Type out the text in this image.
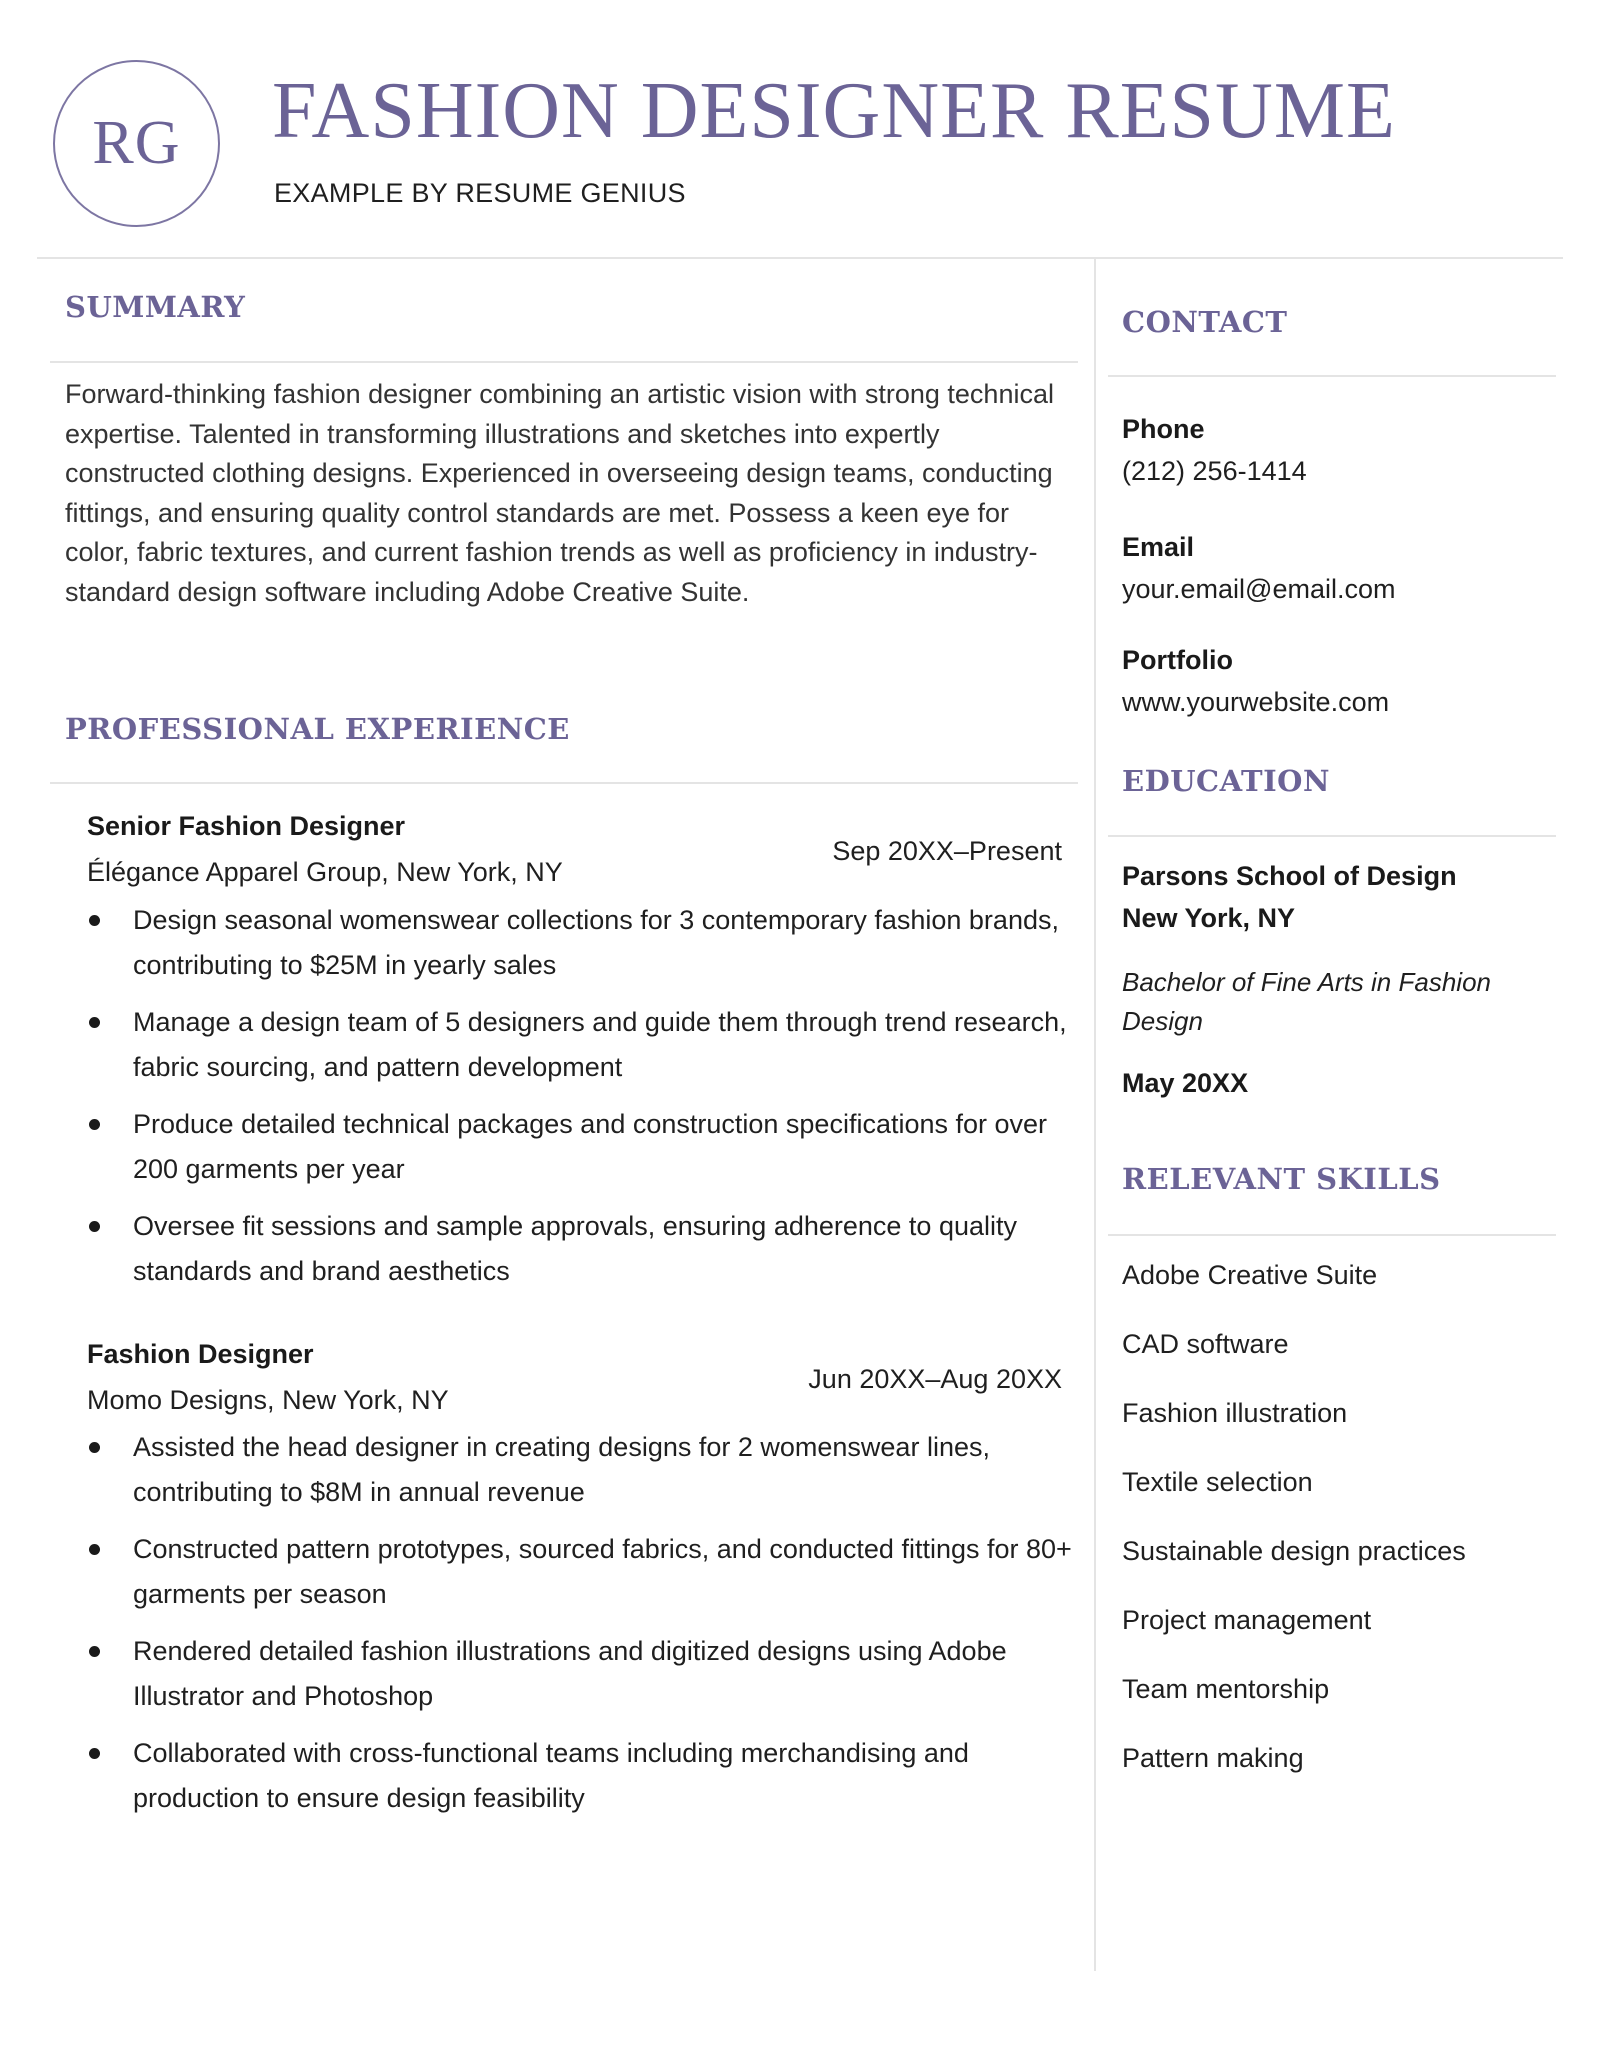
RG	FASHION DESIGNER RESUME
EXAMPLE BY RESUME GENIUS
SUMMARY

Forward-thinking fashion designer combining an artistic vision with strong technical expertise. Talented in transforming illustrations and sketches into expertly constructed clothing designs. Experienced in overseeing design teams, conducting fittings, and ensuring quality control standards are met. Possess a keen eye for color, fabric textures, and current fashion trends as well as proficiency in industry-standard design software including Adobe Creative Suite.

PROFESSIONAL EXPERIENCE
Senior Fashion Designer
Sep 20XX–Present
Élégance Apparel Group, New York, NY
Design seasonal womenswear collections for 3 contemporary fashion brands, contributing to $25M in yearly sales
Manage a design team of 5 designers and guide them through trend research, fabric sourcing, and pattern development
Produce detailed technical packages and construction specifications for over 200 garments per year
Oversee fit sessions and sample approvals, ensuring adherence to quality standards and brand aesthetics
Fashion Designer
Jun 20XX–Aug 20XX
Momo Designs, New York, NY
Assisted the head designer in creating designs for 2 womenswear lines, contributing to $8M in annual revenue
Constructed pattern prototypes, sourced fabrics, and conducted fittings for 80+ garments per season
Rendered detailed fashion illustrations and digitized designs using Adobe Illustrator and Photoshop
Collaborated with cross-functional teams including merchandising and production to ensure design feasibility
CONTACT
Phone
(212) 256-1414
Email
your.email@email.com
Portfolio
www.yourwebsite.com
EDUCATION
Parsons School of Design
New York, NY
Bachelor of Fine Arts in Fashion Design
May 20XX
RELEVANT SKILLS
Adobe Creative Suite
CAD software
Fashion illustration
Textile selection
Sustainable design practices
Project management
Team mentorship
Pattern making
